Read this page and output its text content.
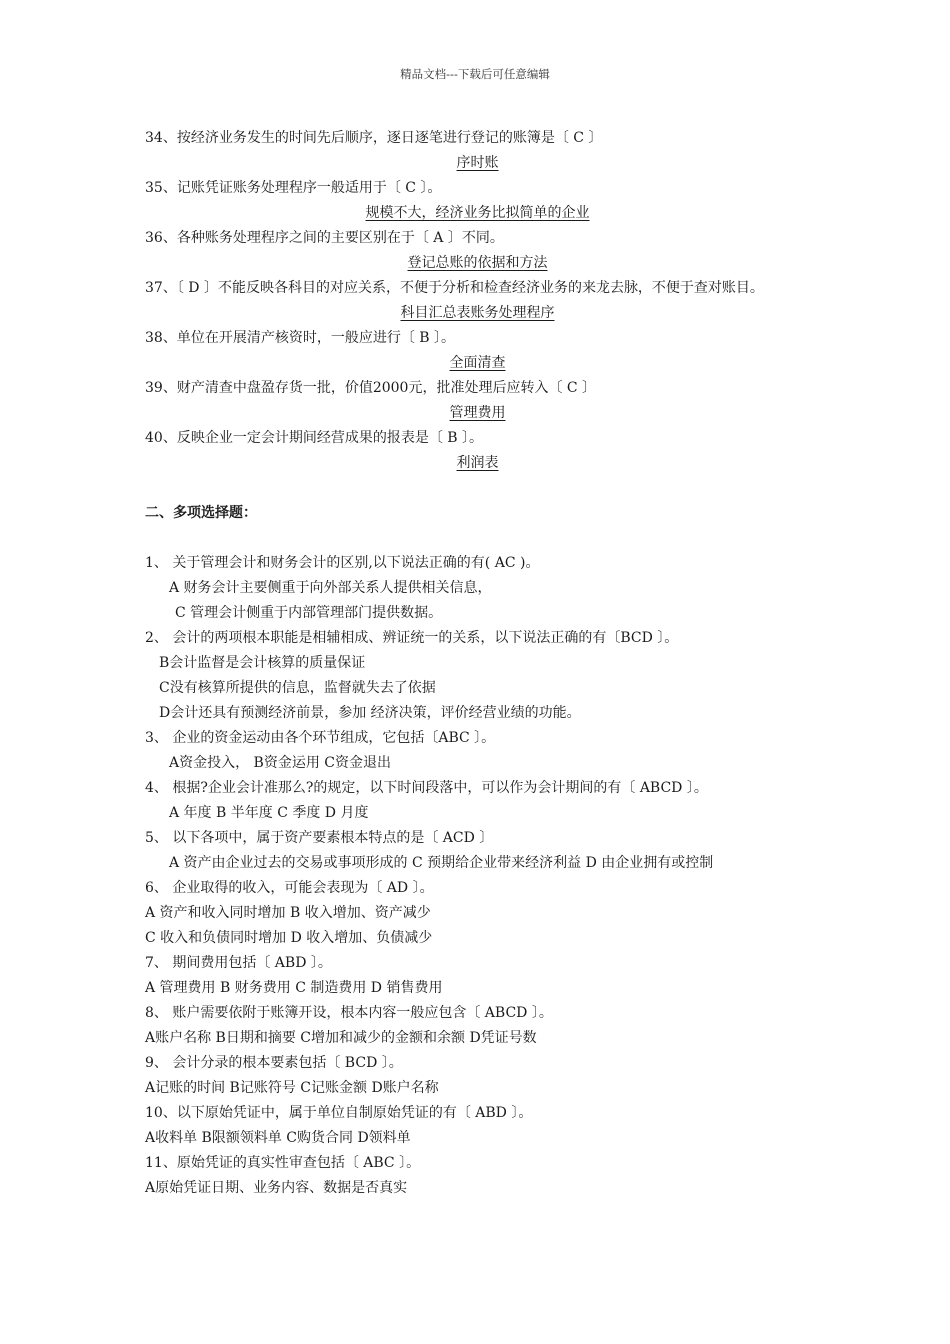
精品文档---下载后可任意编辑
34、按经济业务发生的时间先后顺序，逐日逐笔进行登记的账簿是〔 C 〕
序时账
35、记账凭证账务处理程序一般适用于〔 C 〕。
规模不大，经济业务比拟简单的企业
36、各种账务处理程序之间的主要区别在于〔 A 〕不同。
登记总账的依据和方法
37、〔 D 〕不能反映各科目的对应关系，不便于分析和检查经济业务的来龙去脉，不便于查对账目。
科目汇总表账务处理程序
38、单位在开展清产核资时，一般应进行〔 B 〕。
全面清查
39、财产清查中盘盈存货一批，价值2000元，批准处理后应转入〔 C 〕
管理费用
40、反映企业一定会计期间经营成果的报表是〔 B 〕。
利润表
二、多项选择题：
1、 关于管理会计和财务会计的区别,以下说法正确的有( AC )。
A 财务会计主要侧重于向外部关系人提供相关信息，
C 管理会计侧重于内部管理部门提供数据。
2、 会计的两项根本职能是相辅相成、辨证统一的关系，以下说法正确的有〔BCD 〕。
B会计监督是会计核算的质量保证
C没有核算所提供的信息，监督就失去了依据
D会计还具有预测经济前景，参加 经济决策，评价经营业绩的功能。
3、 企业的资金运动由各个环节组成，它包括〔ABC 〕。
A资金投入， B资金运用 C资金退出
4、 根据?企业会计准那么?的规定，以下时间段落中，可以作为会计期间的有〔 ABCD 〕。
A 年度 B 半年度 C 季度 D 月度
5、 以下各项中，属于资产要素根本特点的是〔 ACD 〕
A 资产由企业过去的交易或事项形成的 C 预期给企业带来经济利益 D 由企业拥有或控制
6、 企业取得的收入，可能会表现为〔 AD 〕。
A 资产和收入同时增加 B 收入增加、资产减少
C 收入和负债同时增加 D 收入增加、负债减少
7、 期间费用包括〔 ABD 〕。
A 管理费用 B 财务费用 C 制造费用 D 销售费用
8、 账户需要依附于账簿开设，根本内容一般应包含〔 ABCD 〕。
A账户名称 B日期和摘要 C增加和减少的金额和余额 D凭证号数
9、 会计分录的根本要素包括〔 BCD 〕。
A记账的时间 B记账符号 C记账金额 D账户名称
10、以下原始凭证中，属于单位自制原始凭证的有〔 ABD 〕。
A收料单 B限额领料单 C购货合同 D领料单
11、原始凭证的真实性审查包括〔 ABC 〕。
A原始凭证日期、业务内容、数据是否真实
